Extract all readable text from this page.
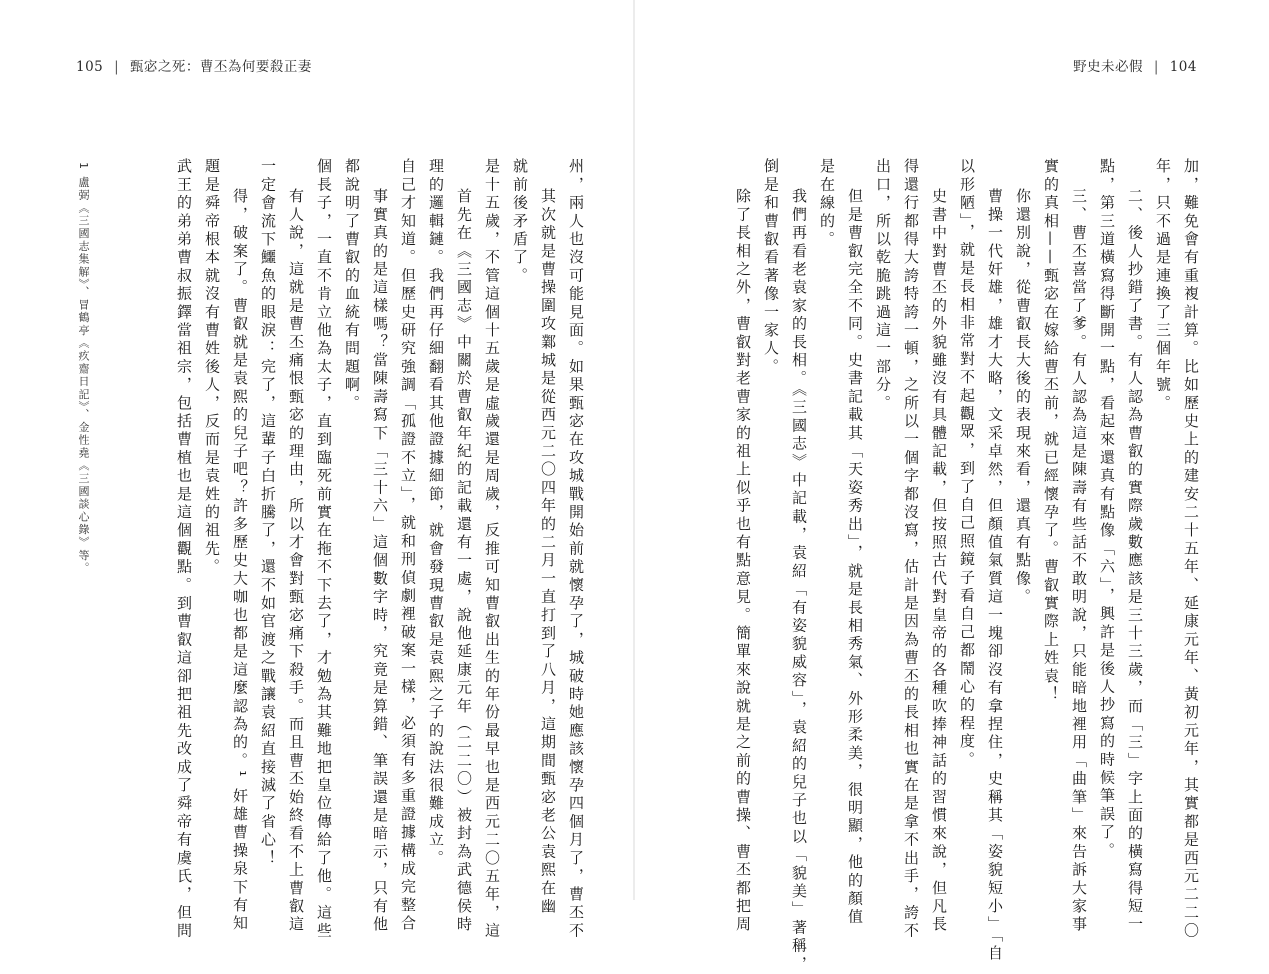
105 | 甄宓之死：曹丕為何要殺正妻
武王的弟弟曹叔振鐸當祖宗，包括曹植也是這個觀點。到曹叡這卻把祖先改成了舜帝有虞氏，但問 題是舜帝根本就沒有曹姓後人，反而是袁姓的祖先。 得，破案了。曹叡就是袁熙的兒子吧？許多歷史大咖也都是這麼認為的。¹ 奸雄曹操泉下有知 一定會流下鱷魚的眼淚：完了，這輩子白折騰了，還不如官渡之戰讓袁紹直接滅了省心！ 有人說，這就是曹丕痛恨甄宓的理由，所以才會對甄宓痛下殺手。而且曹丕始終看不上曹叡這 個長子，一直不肯立他為太子，直到臨死前實在拖不下去了，才勉為其難地把皇位傳給了他。這些 都說明了曹叡的血統有問題啊。 事實真的是這樣嗎？當陳壽寫下「三十六」這個數字時，究竟是算錯、筆誤還是暗示，只有他 自己才知道。但歷史研究強調「孤證不立」，就和刑偵劇裡破案一樣，必須有多重證據構成完整合 理的邏輯鏈。我們再仔細翻看其他證據細節，就會發現曹叡是袁熙之子的說法很難成立。 首先在《三國志》中關於曹叡年紀的記載還有一處，說他延康元年（二二〇）被封為武德侯時 是十五歲，不管這個十五歲是虛歲還是周歲，反推可知曹叡出生的年份最早也是西元二〇五年，這 就前後矛盾了。 其次就是曹操圍攻鄴城是從西元二〇四年的二月一直打到了八月，這期間甄宓老公袁熙在幽 州，兩人也沒可能見面。如果甄宓在攻城戰開始前就懷孕了，城破時她應該懷孕四個月了，曹丕不
1 盧弼《三國志集解》、冒鶴亭《疚齋日記》、金性堯《三國談心錄》等。
野史未必假 | 104
加，難免會有重複計算。比如歷史上的建安二十五年、延康元年、黃初元年，其實都是西元二二〇
年，只不過是連換了三個年號。
二、後人抄錯了書。有人認為曹叡的實際歲數應該是三十三歲，而「三」字上面的橫寫得短一
點，第三道橫寫得斷開一點，看起來還真有點像「六」，興許是後人抄寫的時候筆誤了。
三、曹丕喜當了爹。有人認為這是陳壽有些話不敢明說，只能暗地裡用「曲筆」來告訴大家事
實的真相——甄宓在嫁給曹丕前，就已經懷孕了。曹叡實際上姓袁！
你還別說，從曹叡長大後的表現來看，還真有點像。
曹操一代奸雄，雄才大略，文采卓然，但顏值氣質這一塊卻沒有拿捏住，史稱其「姿貌短小」「自
以形陋」，就是長相非常對不起觀眾，到了自己照鏡子看自己都鬧心的程度。
史書中對曹丕的外貌雖沒有具體記載，但按照古代對皇帝的各種吹捧神話的習慣來說，但凡長
得還行都得大誇特誇一頓，之所以一個字都沒寫，估計是因為曹丕的長相也實在是拿不出手，誇不
出口，所以乾脆跳過這一部分。
但是曹叡完全不同。史書記載其「天姿秀出」，就是長相秀氣、外形柔美，很明顯，他的顏值
是在線的。
我們再看老袁家的長相。《三國志》中記載，袁紹「有姿貌威容」，袁紹的兒子也以「貌美」著稱，
倒是和曹叡看著像一家人。
除了長相之外，曹叡對老曹家的祖上似乎也有點意見。簡單來說就是之前的曹操、曹丕都把周
